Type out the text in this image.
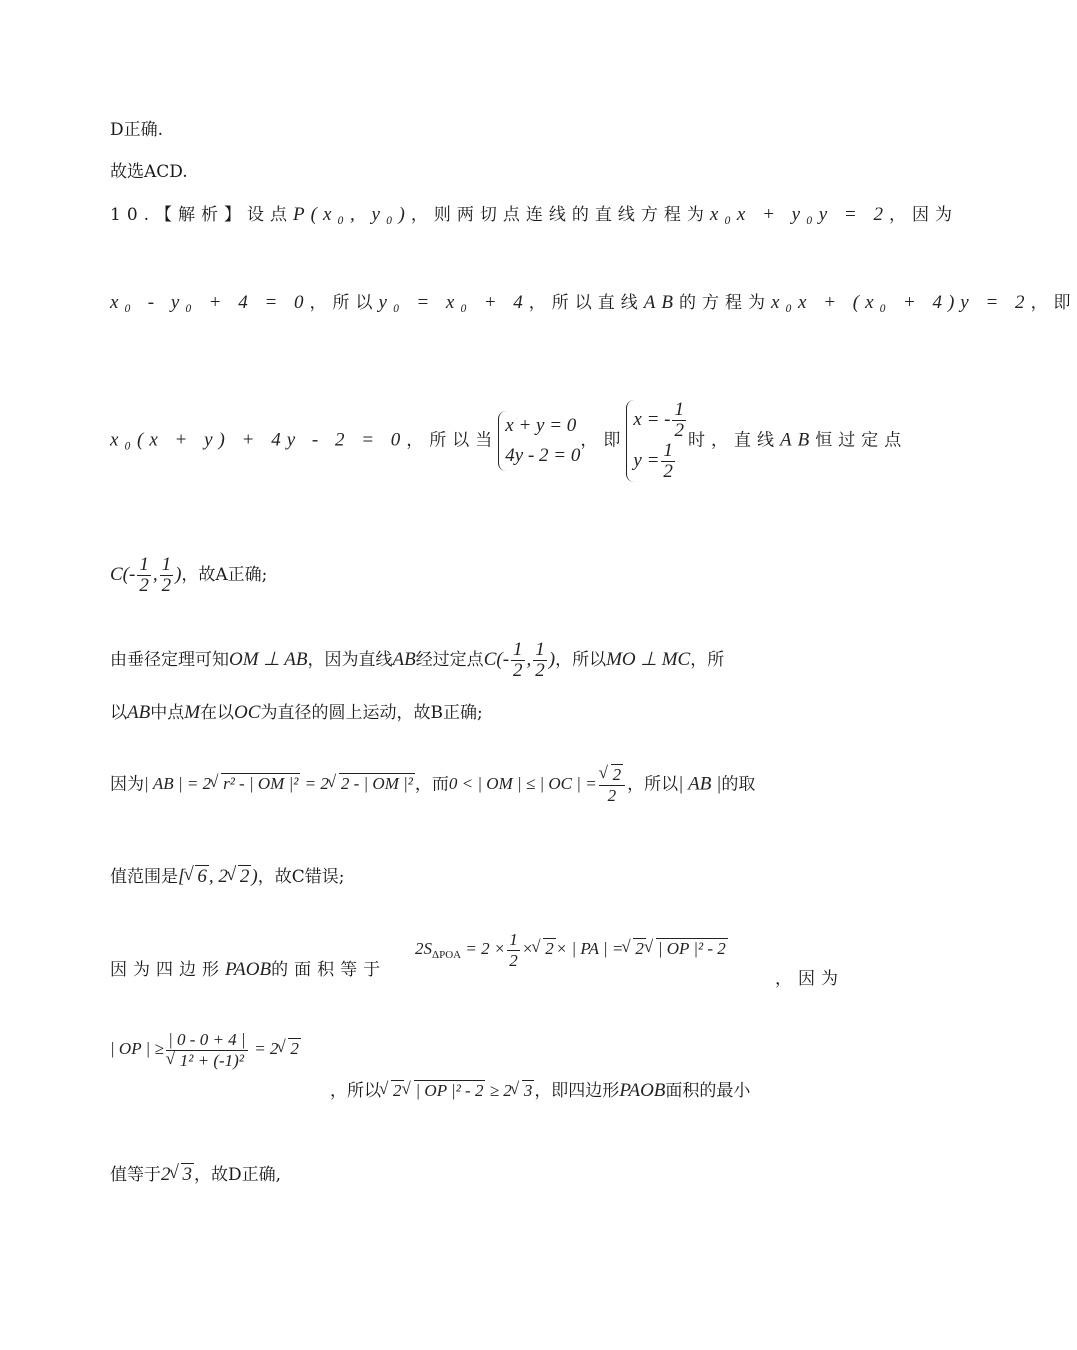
D正确.
故选ACD.
10.【解析】设点P(x₀, y₀)，则两切点连线的直线方程为x₀x + y₀y = 2，因为
x₀ - y₀ + 4 = 0，所以y₀ = x₀ + 4，所以直线AB的方程为x₀x + (x₀ + 4)y = 2，即
x₀(x + y) + 4y - 2 = 0，所以当
x + y = 0
4y - 2 = 0
，即
x = - $\frac{1}{2}$
$y = \frac{1}{2}$
时，直线AB恒过定点
$C(- \frac{1}{2}$ , $\frac{1}{2}$ )，故A正确;
由垂径定理可知OM ⊥ AB，因为直线AB经过定点$C(- \frac{1}{2}$ , $\frac{1}{2}$ )，所以MO ⊥ MC，所
以AB中点M在以OC为直径的圆上运动，故B正确;
因为| AB | = 2 √ r² - | OM |² = 2 √ 2 - | OM |² ，而0 < | OM | ≤ | OC | = √ $\frac{2}{2}$ ，所以| AB |的取
值范围是[ √ 6 , 2 √ 2 )，故C错误;
因为四边形PAOB的面积等于
$2S_{\Delta POA} = 2 \times \frac{1}{2}$ × √ 2 × | PA | = √ 2 √ | OP |² - 2
，因为
| OP | ≥ | 0 - 0 + 4 |
√ 1² + (-1)² = 2 √ 2
，所以 √ 2 √ | OP |² - 2 ≥ 2 √ 3 ，即四边形PAOB面积的最小
值等于2 √ 3 ，故D正确,
